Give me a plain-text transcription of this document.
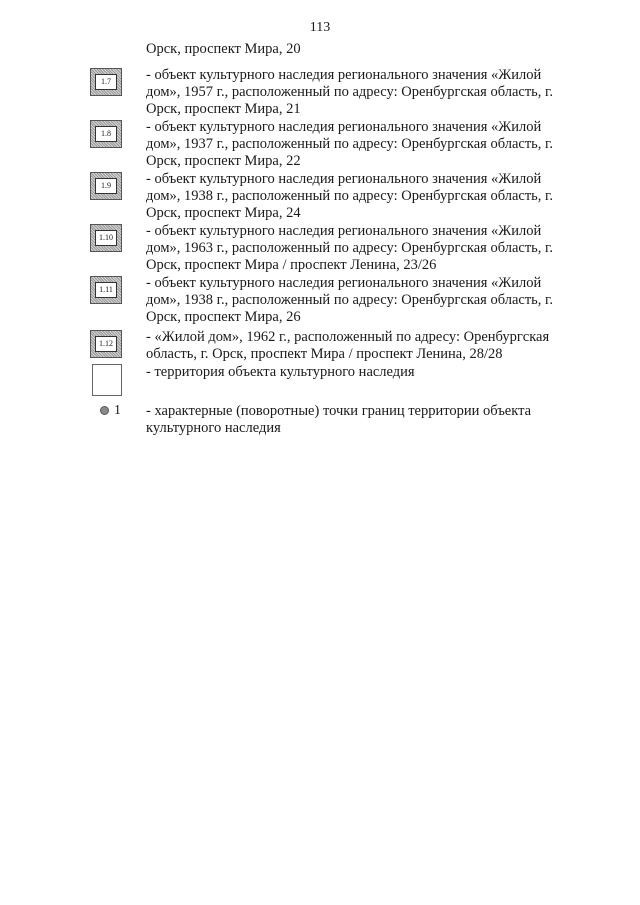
113
Орск, проспект Мира, 20
1.7	- объект культурного наследия регионального значения «Жилой

дом», 1957 г., расположенный по адресу: Оренбургская область, г.

Орск, проспект Мира, 21

1.8	- объект культурного наследия регионального значения «Жилой

дом», 1937 г., расположенный по адресу: Оренбургская область, г.

Орск, проспект Мира, 22

1.9	- объект культурного наследия регионального значения «Жилой

дом», 1938 г., расположенный по адресу: Оренбургская область, г.

Орск, проспект Мира, 24

1.10 - объект культурного наследия регионального значения «Жилой

дом», 1963 г., расположенный по адресу: Оренбургская область, г.

Орск, проспект Мира / проспект Ленина, 23/26

1.11 - объект культурного наследия регионального значения «Жилой

дом», 1938 г., расположенный по адресу: Оренбургская область, г.

Орск, проспект Мира, 26

1.12 - «Жилой дом», 1962 г., расположенный по адресу: Оренбургская

область, г. Орск, проспект Мира / проспект Ленина, 28/28

- территория объекта культурного наследия

1 - характерные (поворотные) точки границ территории объекта

культурного наследия
